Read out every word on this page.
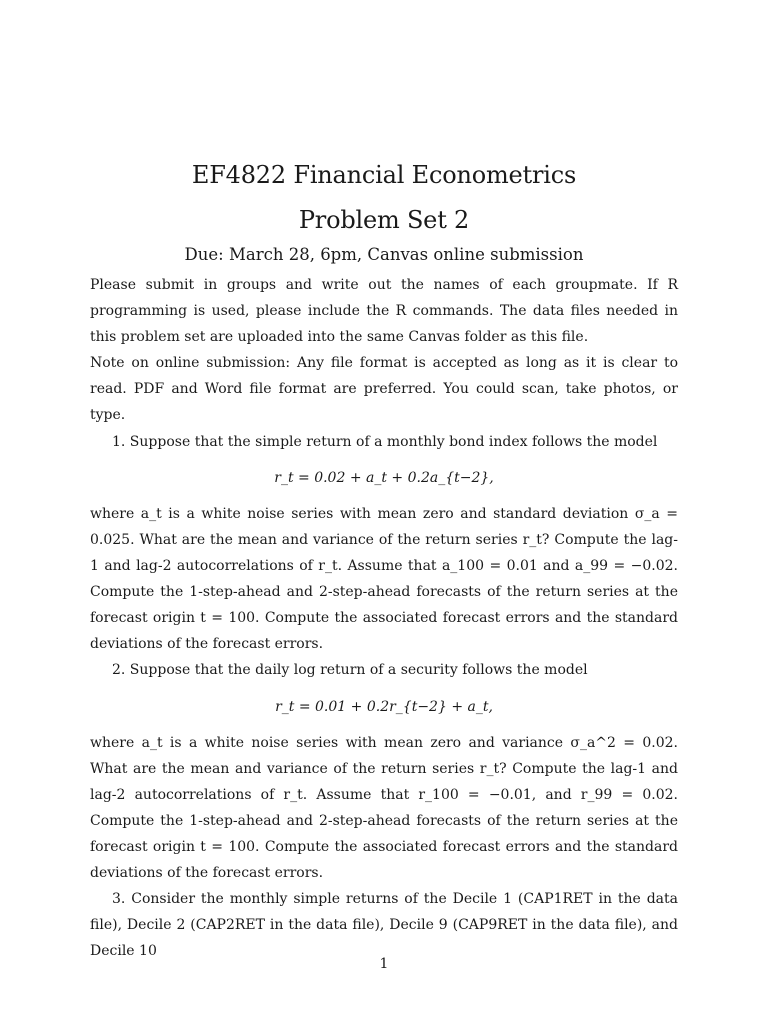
EF4822 Financial Econometrics
Problem Set 2
Due: March 28, 6pm, Canvas online submission

Please submit in groups and write out the names of each groupmate. If R programming is used, please include the R commands. The data files needed in this problem set are uploaded into the same Canvas folder as this file.

Note on online submission: Any file format is accepted as long as it is clear to read. PDF and Word file format are preferred. You could scan, take photos, or type.

1. Suppose that the simple return of a monthly bond index follows the model

r_t = 0.02 + a_t + 0.2a_{t−2},

where a_t is a white noise series with mean zero and standard deviation σ_a = 0.025. What are the mean and variance of the return series r_t? Compute the lag-1 and lag-2 autocorrelations of r_t. Assume that a_100 = 0.01 and a_99 = −0.02. Compute the 1-step-ahead and 2-step-ahead forecasts of the return series at the forecast origin t = 100. Compute the associated forecast errors and the standard deviations of the forecast errors.

2. Suppose that the daily log return of a security follows the model

r_t = 0.01 + 0.2r_{t−2} + a_t,

where a_t is a white noise series with mean zero and variance σ_a^2 = 0.02. What are the mean and variance of the return series r_t? Compute the lag-1 and lag-2 autocorrelations of r_t. Assume that r_100 = −0.01, and r_99 = 0.02. Compute the 1-step-ahead and 2-step-ahead forecasts of the return series at the forecast origin t = 100. Compute the associated forecast errors and the standard deviations of the forecast errors.

3. Consider the monthly simple returns of the Decile 1 (CAP1RET in the data file), Decile 2 (CAP2RET in the data file), Decile 9 (CAP9RET in the data file), and Decile 10

1
